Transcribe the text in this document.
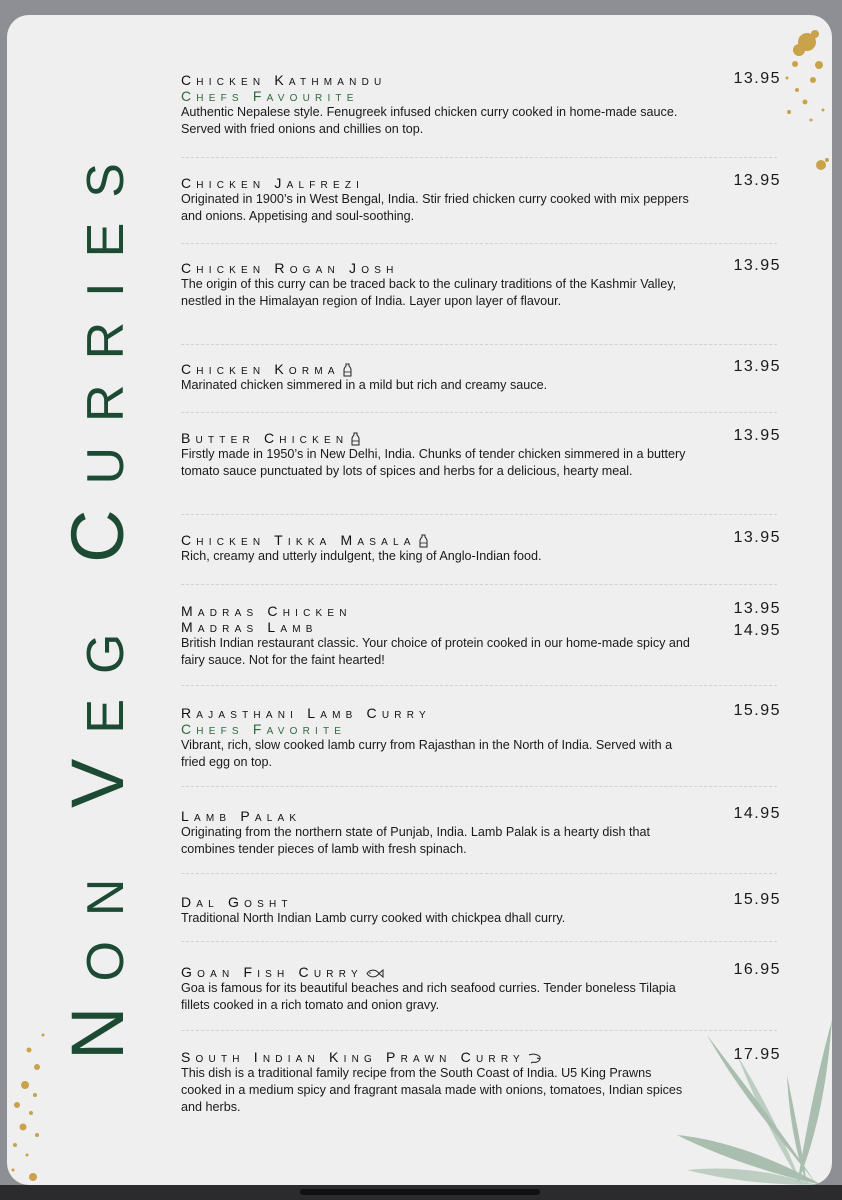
Non Veg Curries
Chicken Kathmandu
Chefs Favourite
Authentic Nepalese style. Fenugreek infused chicken curry cooked in home-made sauce. Served with fried onions and chillies on top.
13.95
Chicken Jalfrezi
Originated in 1900’s in West Bengal, India. Stir fried chicken curry cooked with mix peppers and onions. Appetising and soul-soothing.
13.95
Chicken Rogan Josh
The origin of this curry can be traced back to the culinary traditions of the Kashmir Valley, nestled in the Himalayan region of India. Layer upon layer of flavour.
13.95
Chicken Korma
Marinated chicken simmered in a mild but rich and creamy sauce.
13.95
Butter Chicken
Firstly made in 1950’s in New Delhi, India. Chunks of tender chicken simmered in a buttery tomato sauce punctuated by lots of spices and herbs for a delicious, hearty meal.
13.95
Chicken Tikka Masala
Rich, creamy and utterly indulgent, the king of Anglo-Indian food.
13.95
Madras Chicken
Madras Lamb
British Indian restaurant classic. Your choice of protein cooked in our home-made spicy and fairy sauce. Not for the faint hearted!
13.95
14.95
Rajasthani Lamb Curry
Chefs Favorite
Vibrant, rich, slow cooked lamb curry from Rajasthan in the North of India. Served with a fried egg on top.
15.95
Lamb Palak
Originating from the northern state of Punjab, India. Lamb Palak is a hearty dish that combines tender pieces of lamb with fresh spinach.
14.95
Dal Gosht
Traditional North Indian Lamb curry cooked with chickpea dhall curry.
15.95
Goan Fish Curry
Goa is famous for its beautiful beaches and rich seafood curries. Tender boneless Tilapia fillets cooked in a rich tomato and onion gravy.
16.95
South Indian King Prawn Curry
This dish is a traditional family recipe from the South Coast of India. U5 King Prawns cooked in a medium spicy and fragrant masala made with onions, tomatoes, Indian spices and herbs.
17.95
